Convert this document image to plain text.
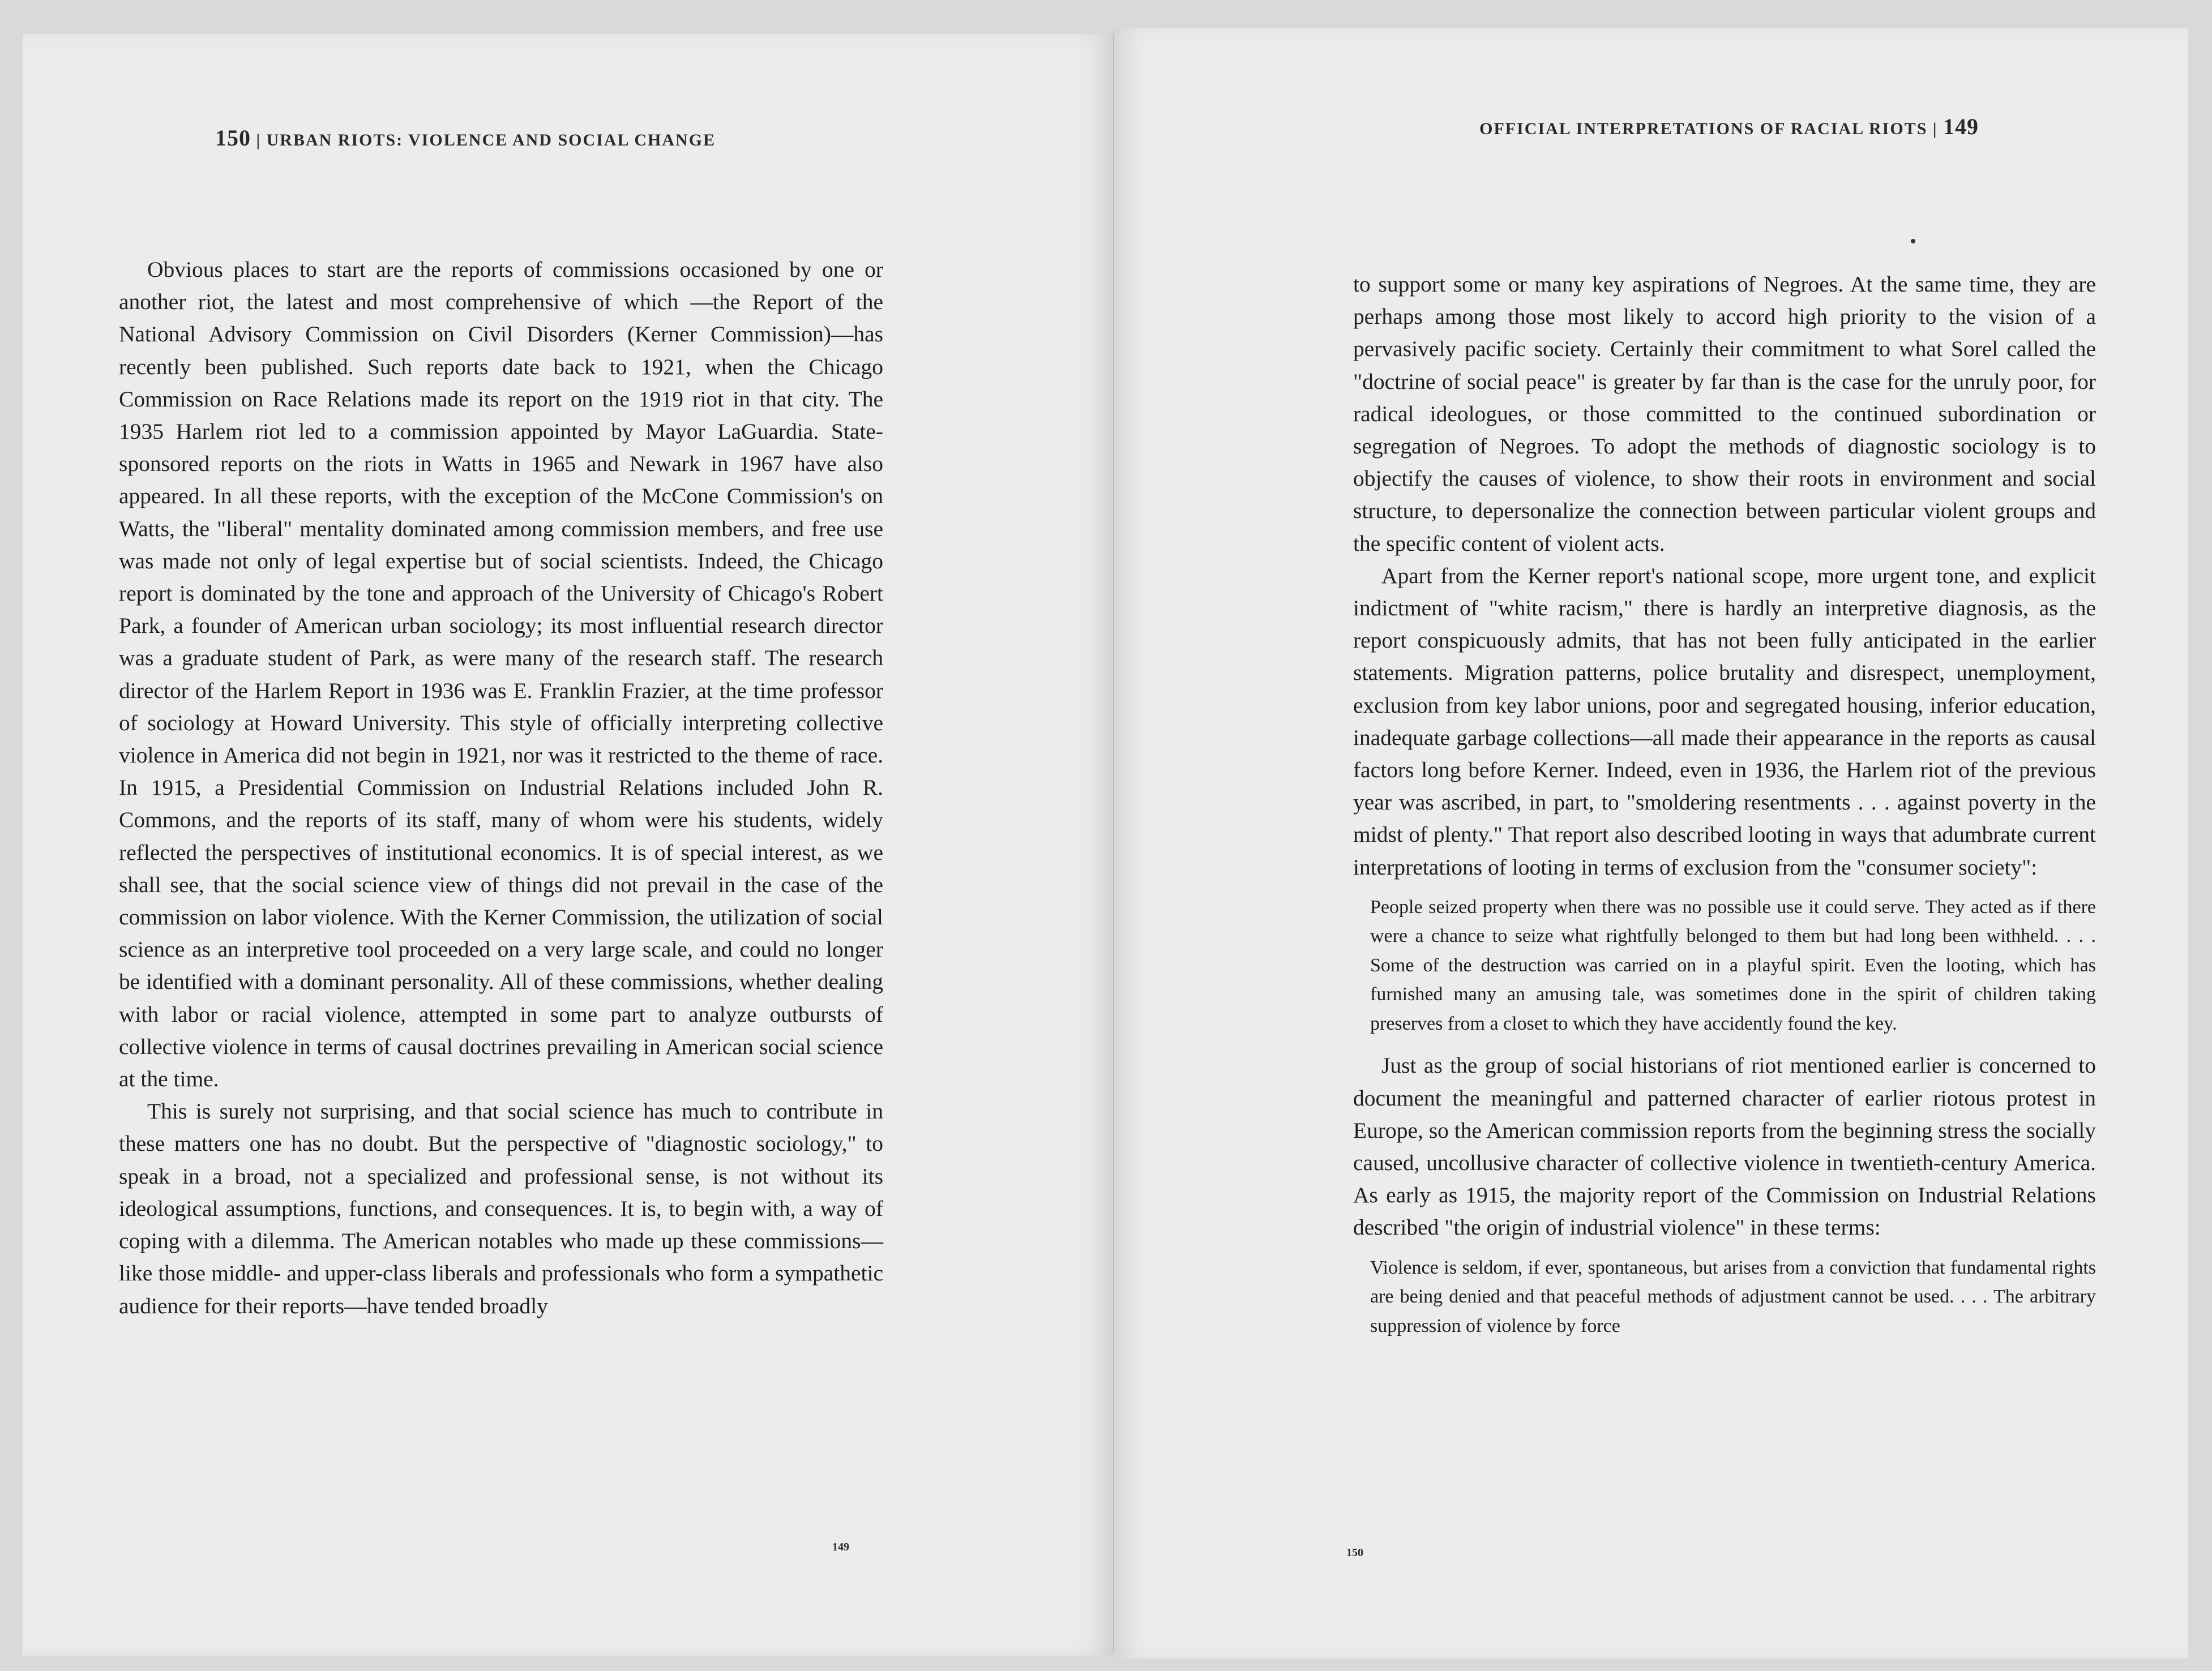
OFFICIAL INTERPRETATIONS OF RACIAL RIOTS | 149

Obvious places to start are the reports of commissions occasioned by one or another riot, the latest and most comprehensive of which —the Report of the National Advisory Commission on Civil Disorders (Kerner Commission)—has recently been published. Such reports date back to 1921, when the Chicago Commission on Race Relations made its report on the 1919 riot in that city. The 1935 Harlem riot led to a commission appointed by Mayor LaGuardia. State-sponsored reports on the riots in Watts in 1965 and Newark in 1967 have also appeared. In all these reports, with the exception of the McCone Commission's on Watts, the "liberal" mentality dominated among commission members, and free use was made not only of legal expertise but of social scientists. Indeed, the Chicago report is dominated by the tone and approach of the University of Chicago's Robert Park, a founder of American urban sociology; its most influential research director was a graduate student of Park, as were many of the research staff. The research director of the Harlem Report in 1936 was E. Franklin Frazier, at the time professor of sociology at Howard University. This style of officially interpreting collective violence in America did not begin in 1921, nor was it restricted to the theme of race. In 1915, a Presidential Commission on Industrial Relations included John R. Commons, and the reports of its staff, many of whom were his students, widely reflected the perspectives of institutional economics. It is of special interest, as we shall see, that the social science view of things did not prevail in the case of the commission on labor violence. With the Kerner Commission, the utilization of social science as an interpretive tool proceeded on a very large scale, and could no longer be identified with a dominant personality. All of these commissions, whether dealing with labor or racial violence, attempted in some part to analyze outbursts of collective violence in terms of causal doctrines prevailing in American social science at the time.

This is surely not surprising, and that social science has much to contribute in these matters one has no doubt. But the perspective of "diagnostic sociology," to speak in a broad, not a specialized and professional sense, is not without its ideological assumptions, functions, and consequences. It is, to begin with, a way of coping with a dilemma. The American notables who made up these commissions—like those middle- and upper-class liberals and professionals who form a sympathetic audience for their reports—have tended broadly

149
150 | URBAN RIOTS: VIOLENCE AND SOCIAL CHANGE

to support some or many key aspirations of Negroes. At the same time, they are perhaps among those most likely to accord high priority to the vision of a pervasively pacific society. Certainly their commitment to what Sorel called the "doctrine of social peace" is greater by far than is the case for the unruly poor, for radical ideologues, or those committed to the continued subordination or segregation of Negroes. To adopt the methods of diagnostic sociology is to objectify the causes of violence, to show their roots in environment and social structure, to depersonalize the connection between particular violent groups and the specific content of violent acts.

Apart from the Kerner report's national scope, more urgent tone, and explicit indictment of "white racism," there is hardly an interpretive diagnosis, as the report conspicuously admits, that has not been fully anticipated in the earlier statements. Migration patterns, police brutality and disrespect, unemployment, exclusion from key labor unions, poor and segregated housing, inferior education, inadequate garbage collections—all made their appearance in the reports as causal factors long before Kerner. Indeed, even in 1936, the Harlem riot of the previous year was ascribed, in part, to "smoldering resentments . . . against poverty in the midst of plenty." That report also described looting in ways that adumbrate current interpretations of looting in terms of exclusion from the "consumer society":

People seized property when there was no possible use it could serve. They acted as if there were a chance to seize what rightfully belonged to them but had long been withheld. . . . Some of the destruction was carried on in a playful spirit. Even the looting, which has furnished many an amusing tale, was sometimes done in the spirit of children taking preserves from a closet to which they have accidently found the key.

Just as the group of social historians of riot mentioned earlier is concerned to document the meaningful and patterned character of earlier riotous protest in Europe, so the American commission reports from the beginning stress the socially caused, uncollusive character of collective violence in twentieth-century America. As early as 1915, the majority report of the Commission on Industrial Relations described "the origin of industrial violence" in these terms:

Violence is seldom, if ever, spontaneous, but arises from a conviction that fundamental rights are being denied and that peaceful methods of adjustment cannot be used. . . . The arbitrary suppression of violence by force
150
